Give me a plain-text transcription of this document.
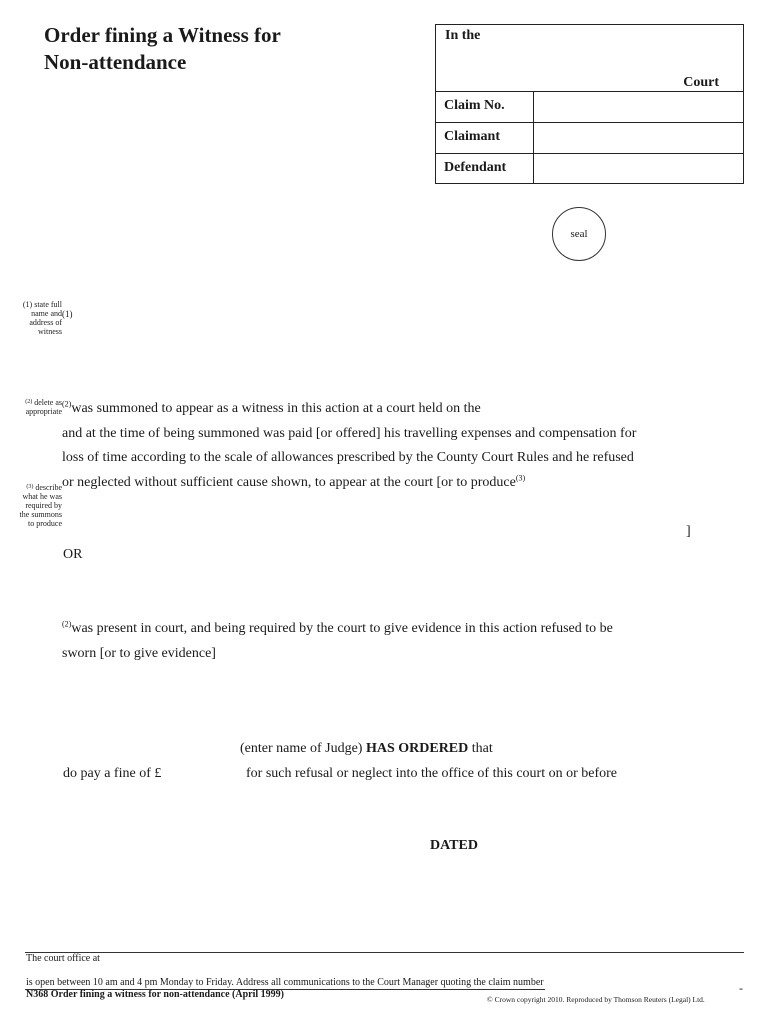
Order fining a Witness for
Non-attendance
In the
Court
Claim No.
Claimant
Defendant
seal
(1) state full
name and
address of
witness
(1)
$^{(2)}$ delete as
appropriate
$^{(3)}$ describe
what he was
required by
the summons
to produce
$^{(2)}$was summoned to appear as a witness in this action at a court held on the
and at the time of being summoned was paid [or offered] his travelling expenses and compensation for
loss of time according to the scale of allowances prescribed by the County Court Rules and he refused
or neglected without sufficient cause shown, to appear at the court [or to produce$^{(3)}$
]
OR
$^{(2)}$was present in court, and being required by the court to give evidence in this action refused to be
sworn [or to give evidence]
(enter name of Judge) HAS ORDERED that
do pay a fine of £	for such refusal or neglect into the office of this court on or before
DATED
The court office at
is open between 10 am and 4 pm Monday to Friday. Address all communications to the Court Manager quoting the claim number
N368 Order fining a witness for non-attendance (April 1999)	© Crown copyright 2010. Reproduced by Thomson Reuters (Legal) Ltd.
-
